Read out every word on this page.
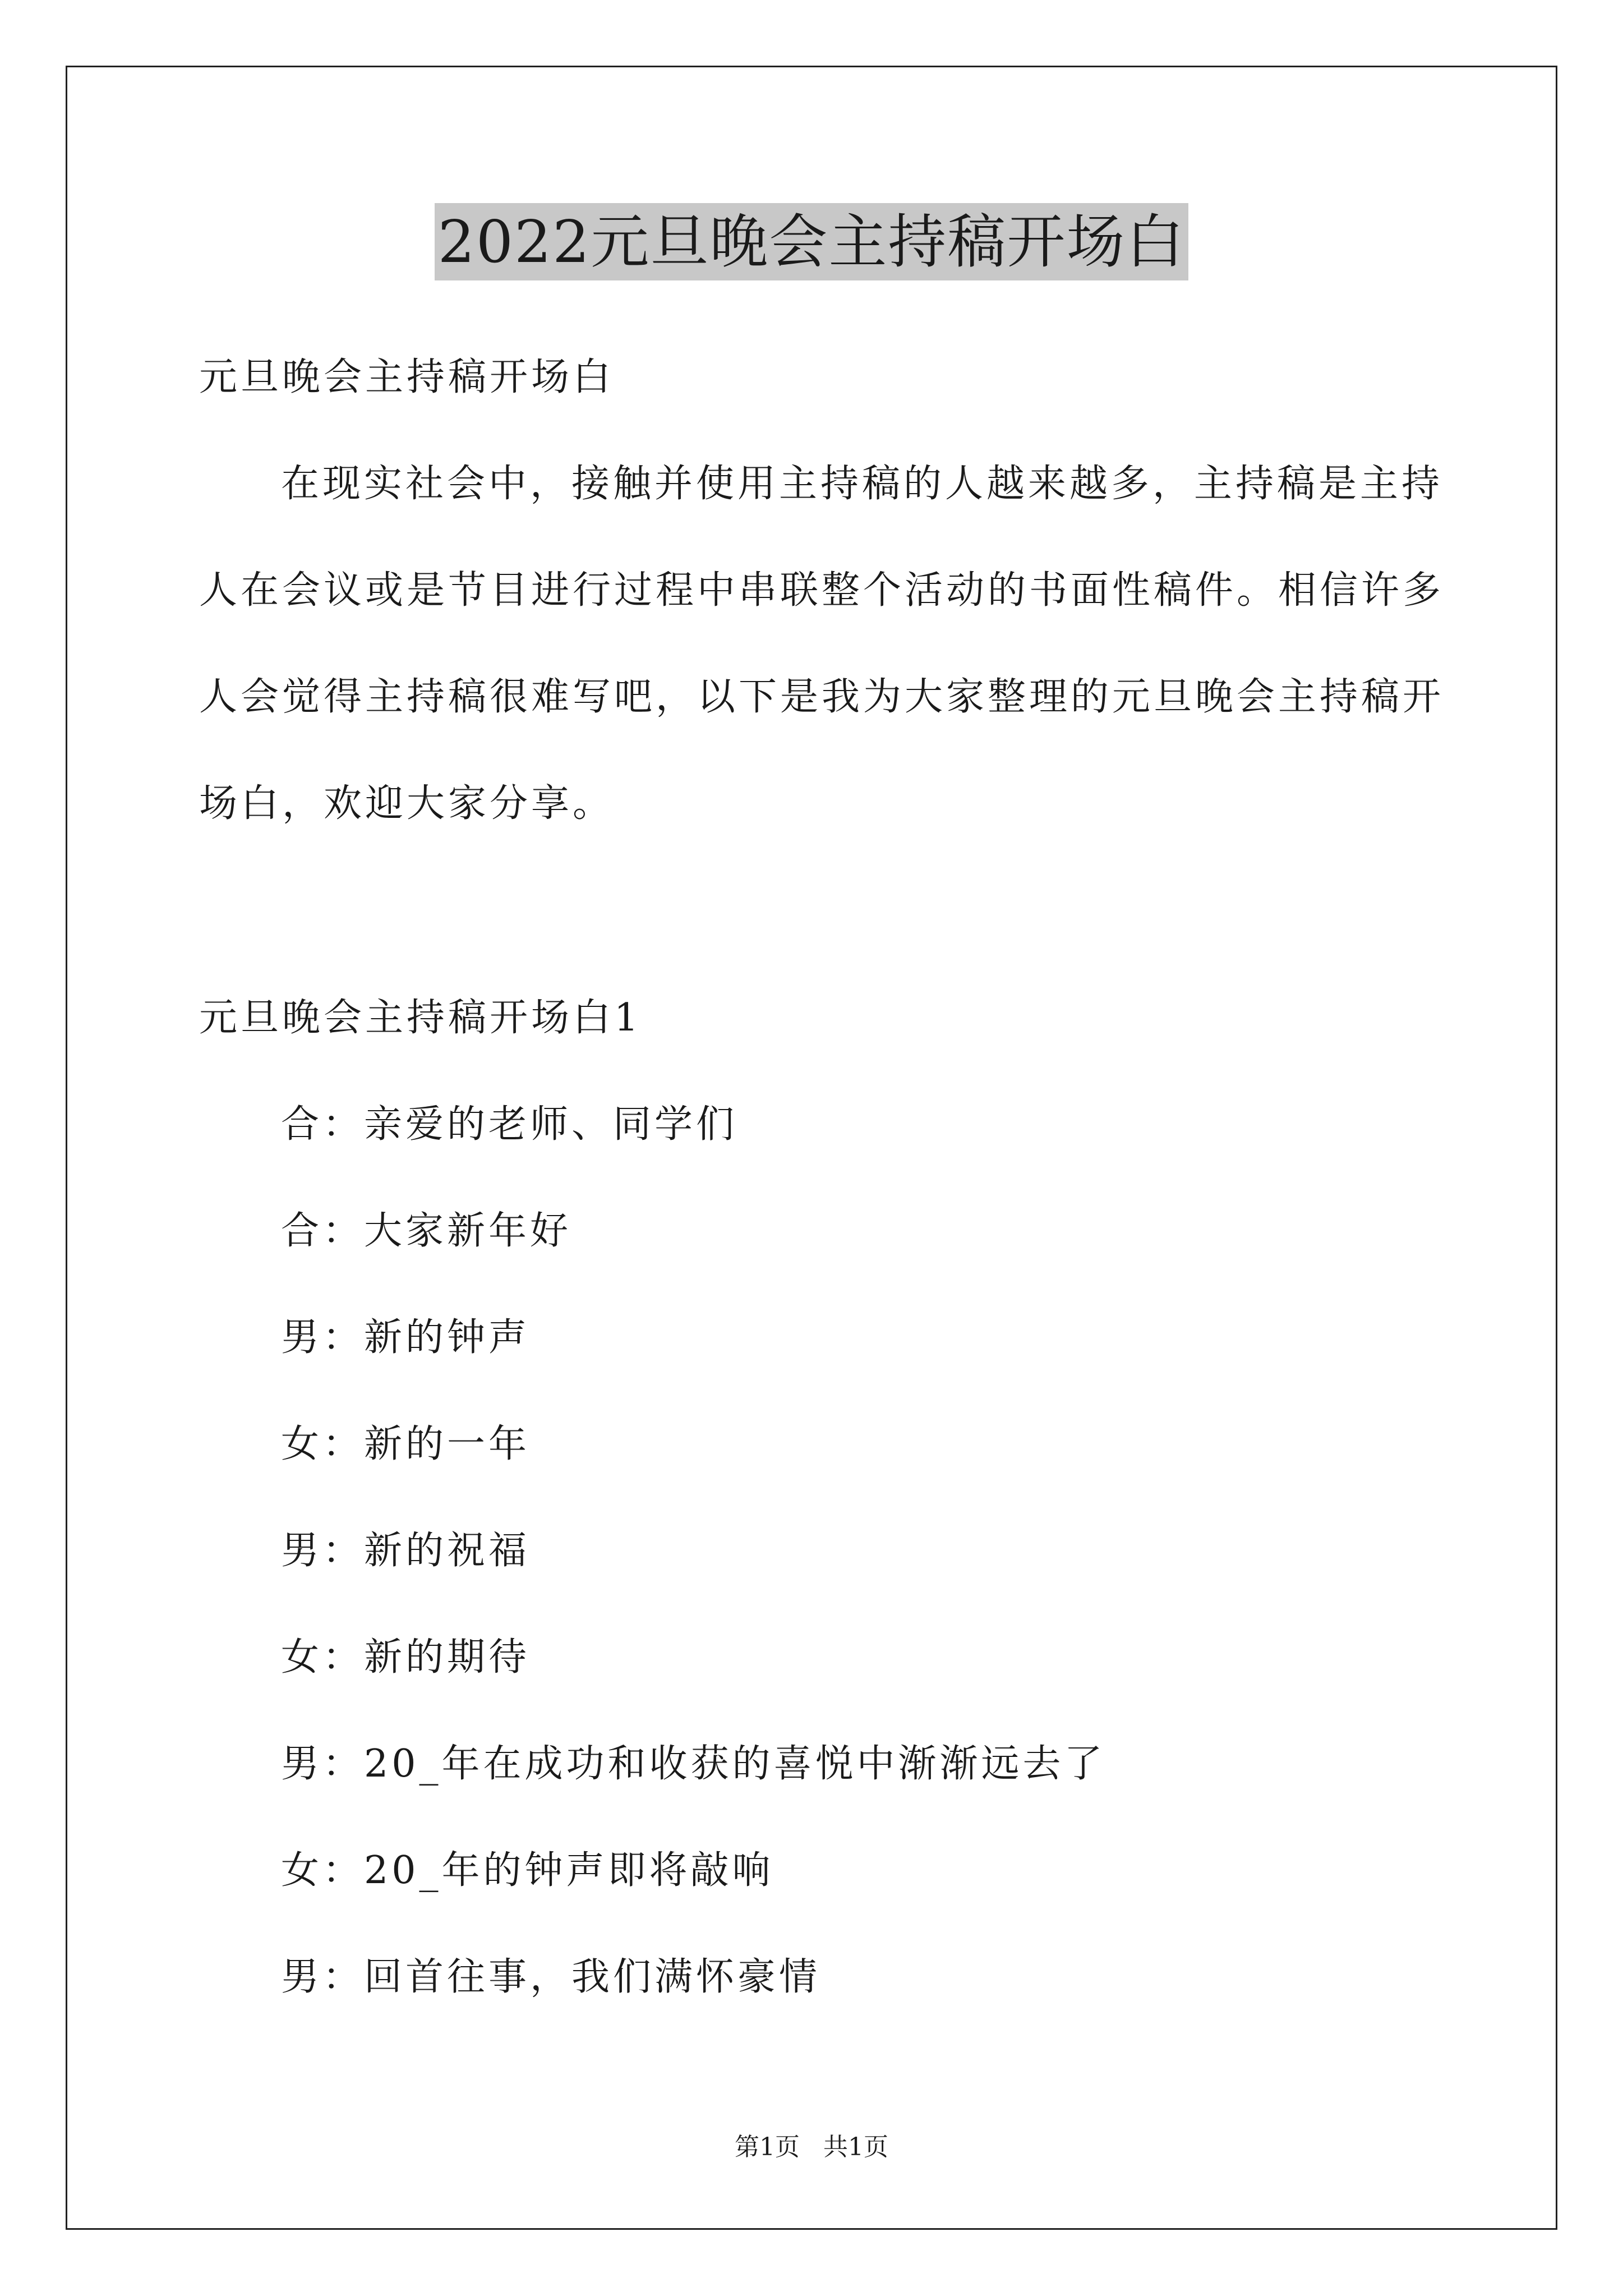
2022元旦晚会主持稿开场白
元旦晚会主持稿开场白
在现实社会中，接触并使用主持稿的人越来越多，主持稿是主持
人在会议或是节目进行过程中串联整个活动的书面性稿件。相信许多
人会觉得主持稿很难写吧，以下是我为大家整理的元旦晚会主持稿开
场白，欢迎大家分享。
元旦晚会主持稿开场白1
合：亲爱的老师、同学们
合：大家新年好
男：新的钟声
女：新的一年
男：新的祝福
女：新的期待
男：20_年在成功和收获的喜悦中渐渐远去了
女：20_年的钟声即将敲响
男：回首往事，我们满怀豪情
第1页 共1页
